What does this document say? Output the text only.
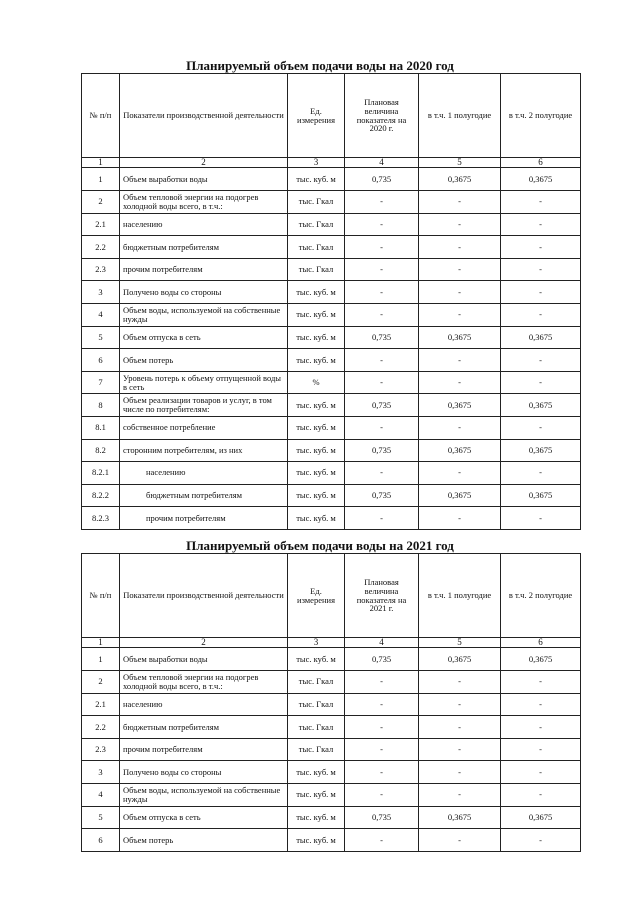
Планируемый объем подачи воды на 2020 год
№ п/п	Показатели производственной деятельности	Ед. измерения	Плановая величина показателя на 2020 г.	в т.ч. 1 полугодие	в т.ч. 2 полугодие
1	2	3	4	5	6
1	Объем выработки воды	тыс. куб. м	0,735	0,3675	0,3675
2	Объем тепловой энергии на подогрев холодной воды всего, в т.ч.:	тыс. Гкал	-	-	-
2.1	населению	тыс. Гкал	-	-	-
2.2	бюджетным потребителям	тыс. Гкал	-	-	-
2.3	прочим потребителям	тыс. Гкал	-	-	-
3	Получено воды со стороны	тыс. куб. м	-	-	-
4	Объем воды, используемой на собственные нужды	тыс. куб. м	-	-	-
5	Объем отпуска в сеть	тыс. куб. м	0,735	0,3675	0,3675
6	Объем потерь	тыс. куб. м	-	-	-
7	Уровень потерь к объему отпущенной воды в сеть	%	-	-	-
8	Объем реализации товаров и услуг, в том числе по потребителям:	тыс. куб. м	0,735	0,3675	0,3675
8.1	собственное потребление	тыс. куб. м	-	-	-
8.2	сторонним потребителям, из них	тыс. куб. м	0,735	0,3675	0,3675
8.2.1	населению	тыс. куб. м	-	-	-
8.2.2	бюджетным потребителям	тыс. куб. м	0,735	0,3675	0,3675
8.2.3	прочим потребителям	тыс. куб. м	-	-	-
Планируемый объем подачи воды на 2021 год
№ п/п	Показатели производственной деятельности	Ед. измерения	Плановая величина показателя на 2021 г.	в т.ч. 1 полугодие	в т.ч. 2 полугодие
1	2	3	4	5	6
1	Объем выработки воды	тыс. куб. м	0,735	0,3675	0,3675
2	Объем тепловой энергии на подогрев холодной воды всего, в т.ч.:	тыс. Гкал	-	-	-
2.1	населению	тыс. Гкал	-	-	-
2.2	бюджетным потребителям	тыс. Гкал	-	-	-
2.3	прочим потребителям	тыс. Гкал	-	-	-
3	Получено воды со стороны	тыс. куб. м	-	-	-
4	Объем воды, используемой на собственные нужды	тыс. куб. м	-	-	-
5	Объем отпуска в сеть	тыс. куб. м	0,735	0,3675	0,3675
6	Объем потерь	тыс. куб. м	-	-	-
